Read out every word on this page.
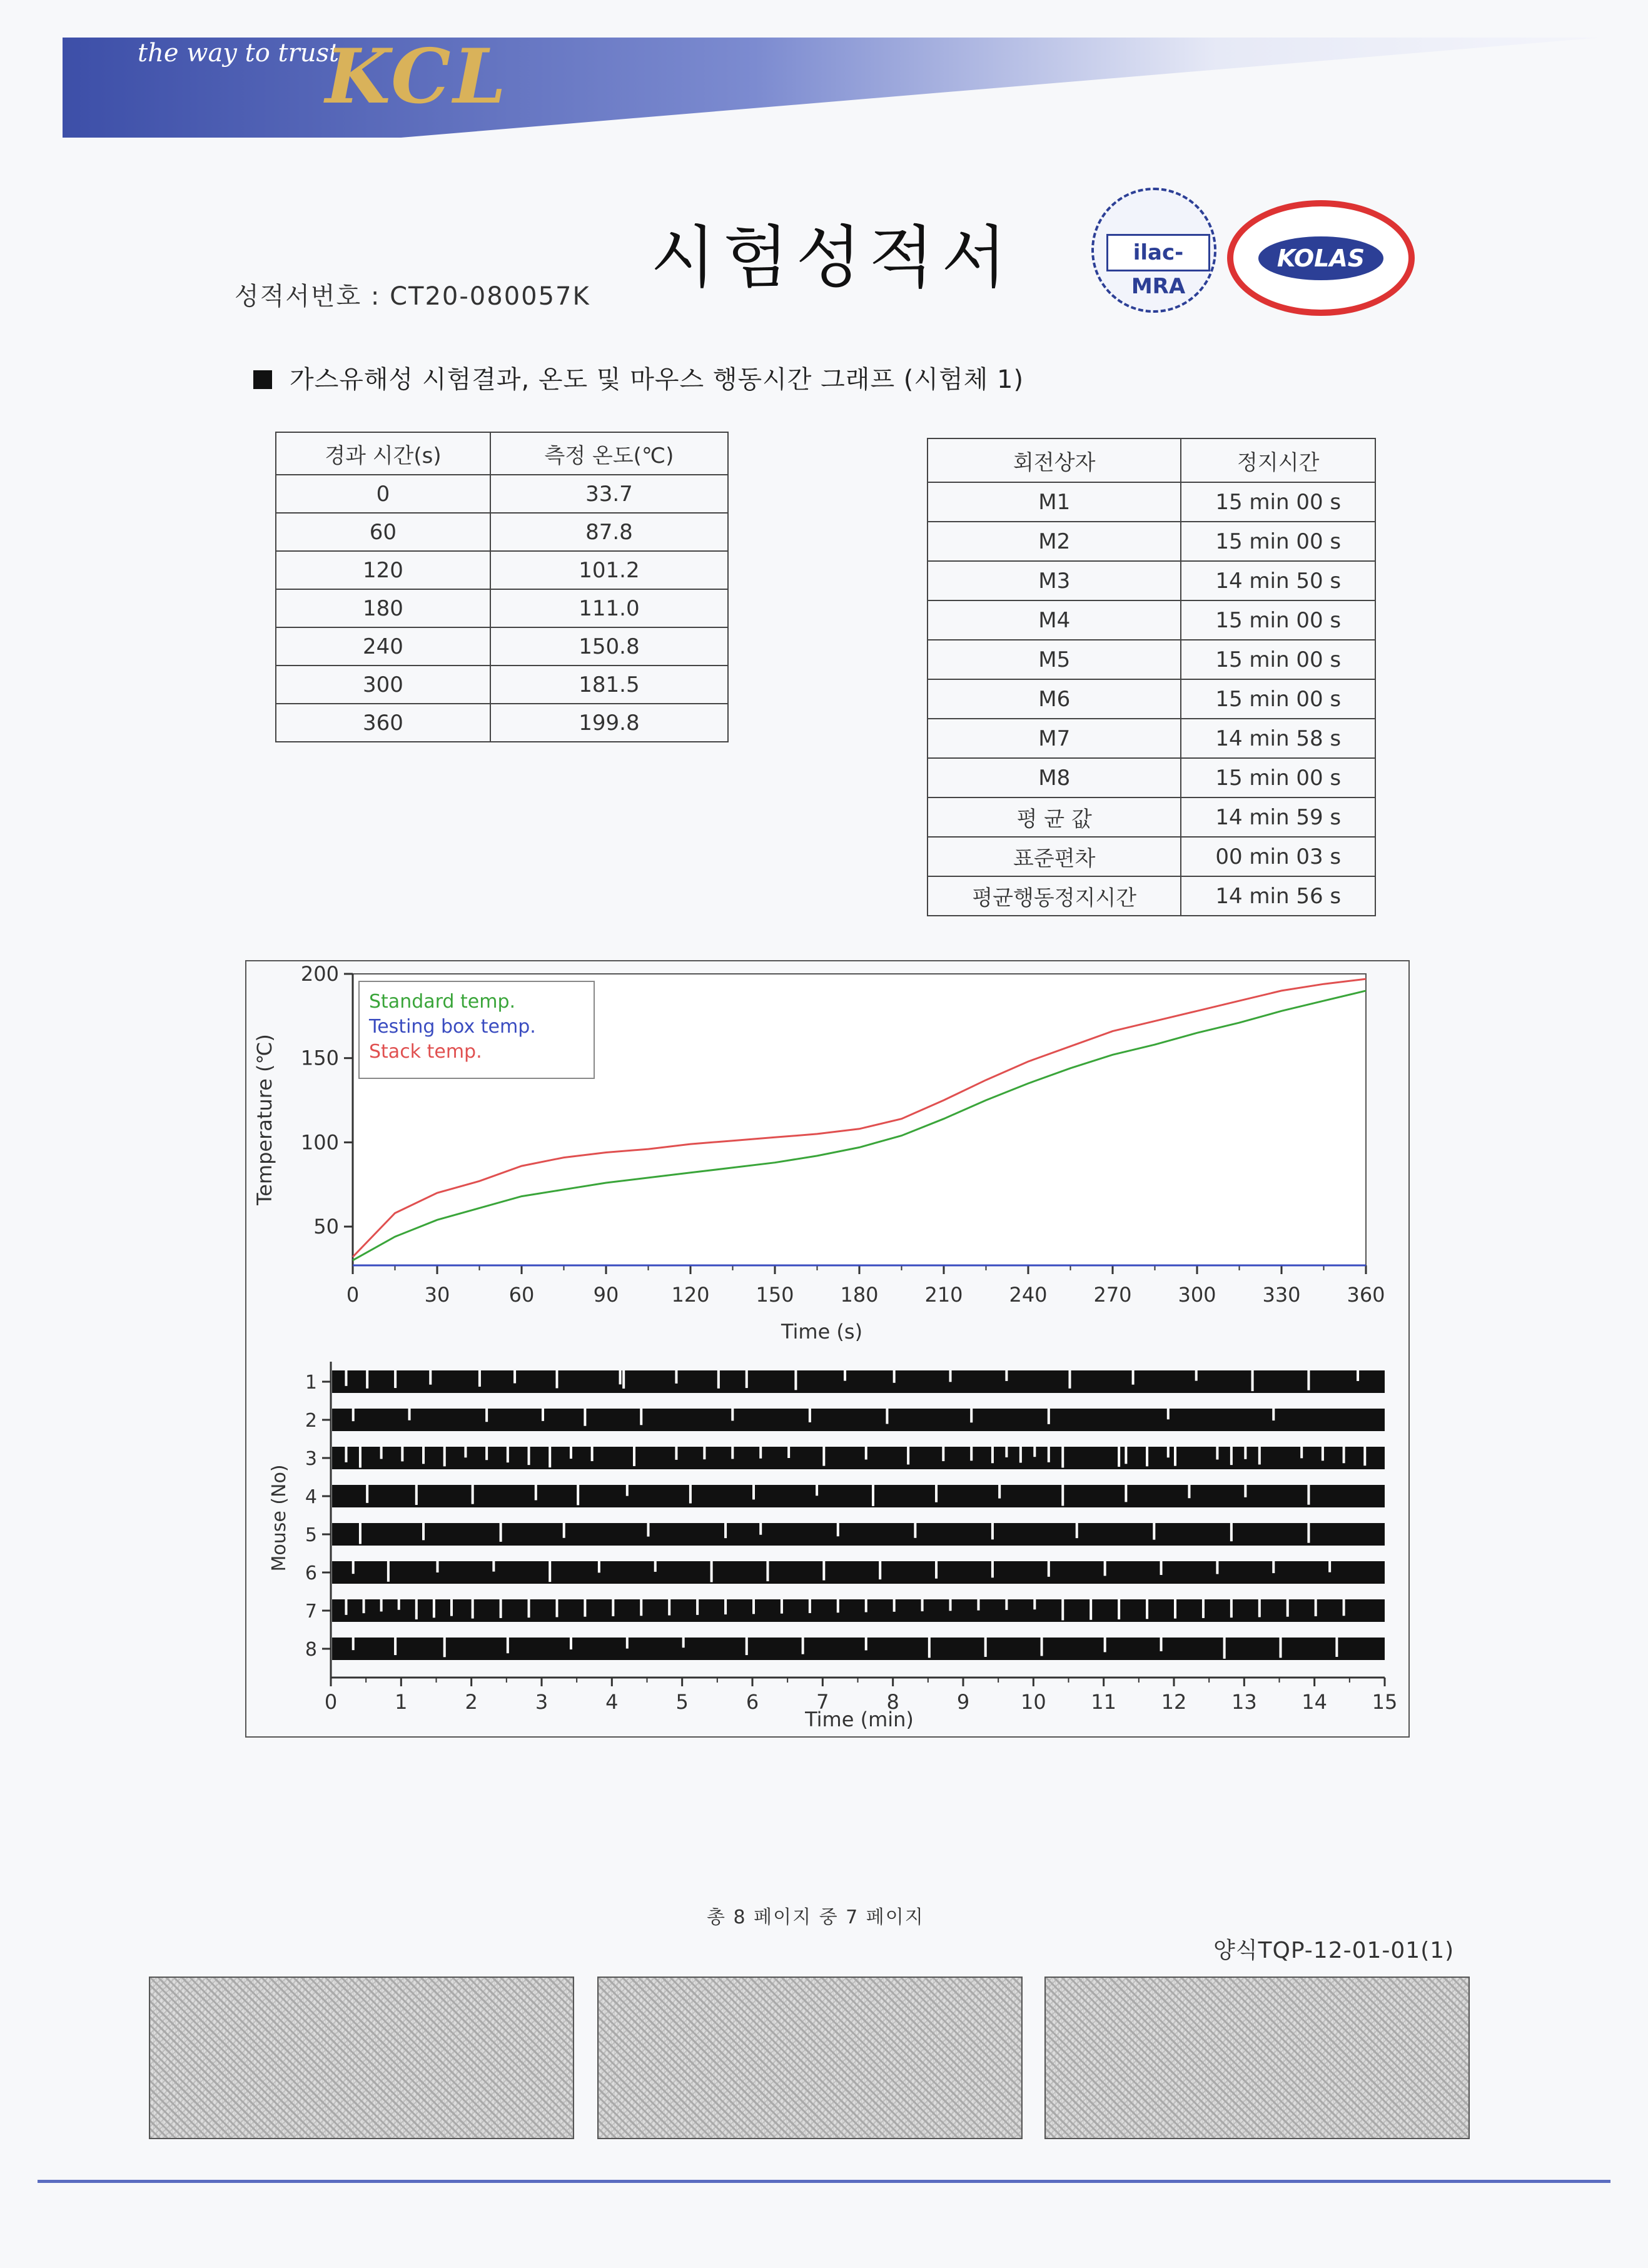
the way to trust
KCL
시험성적서
성적서번호 : CT20-080057K
ilac-MRA
KOLAS
가스유해성 시험결과, 온도 및 마우스 행동시간 그래프 (시험체 1)
경과 시간(s)	측정 온도(℃)
0	33.7
60	87.8
120	101.2
180	111.0
240	150.8
300	181.5
360	199.8
회전상자	정지시간
M1	15 min 00 s
M2	15 min 00 s
M3	14 min 50 s
M4	15 min 00 s
M5	15 min 00 s
M6	15 min 00 s
M7	14 min 58 s
M8	15 min 00 s
평 균 값	14 min 59 s
표준편차	00 min 03 s
평균행동정지시간	14 min 56 s
0	30	60	90	120 150 180 210 240 270 300 330 360
50
100
150
200
Time (s)
Temperature (℃)
Standard temp.
Testing box temp.
Stack temp.
1
2
3
4
5
6
7
8
0	1	2	3	4	5	6	7	8	9	10 11 12 13 14 15
Time (min)
Mouse (No)
총 8 페이지 중 7 페이지
양식TQP-12-01-01(1)
